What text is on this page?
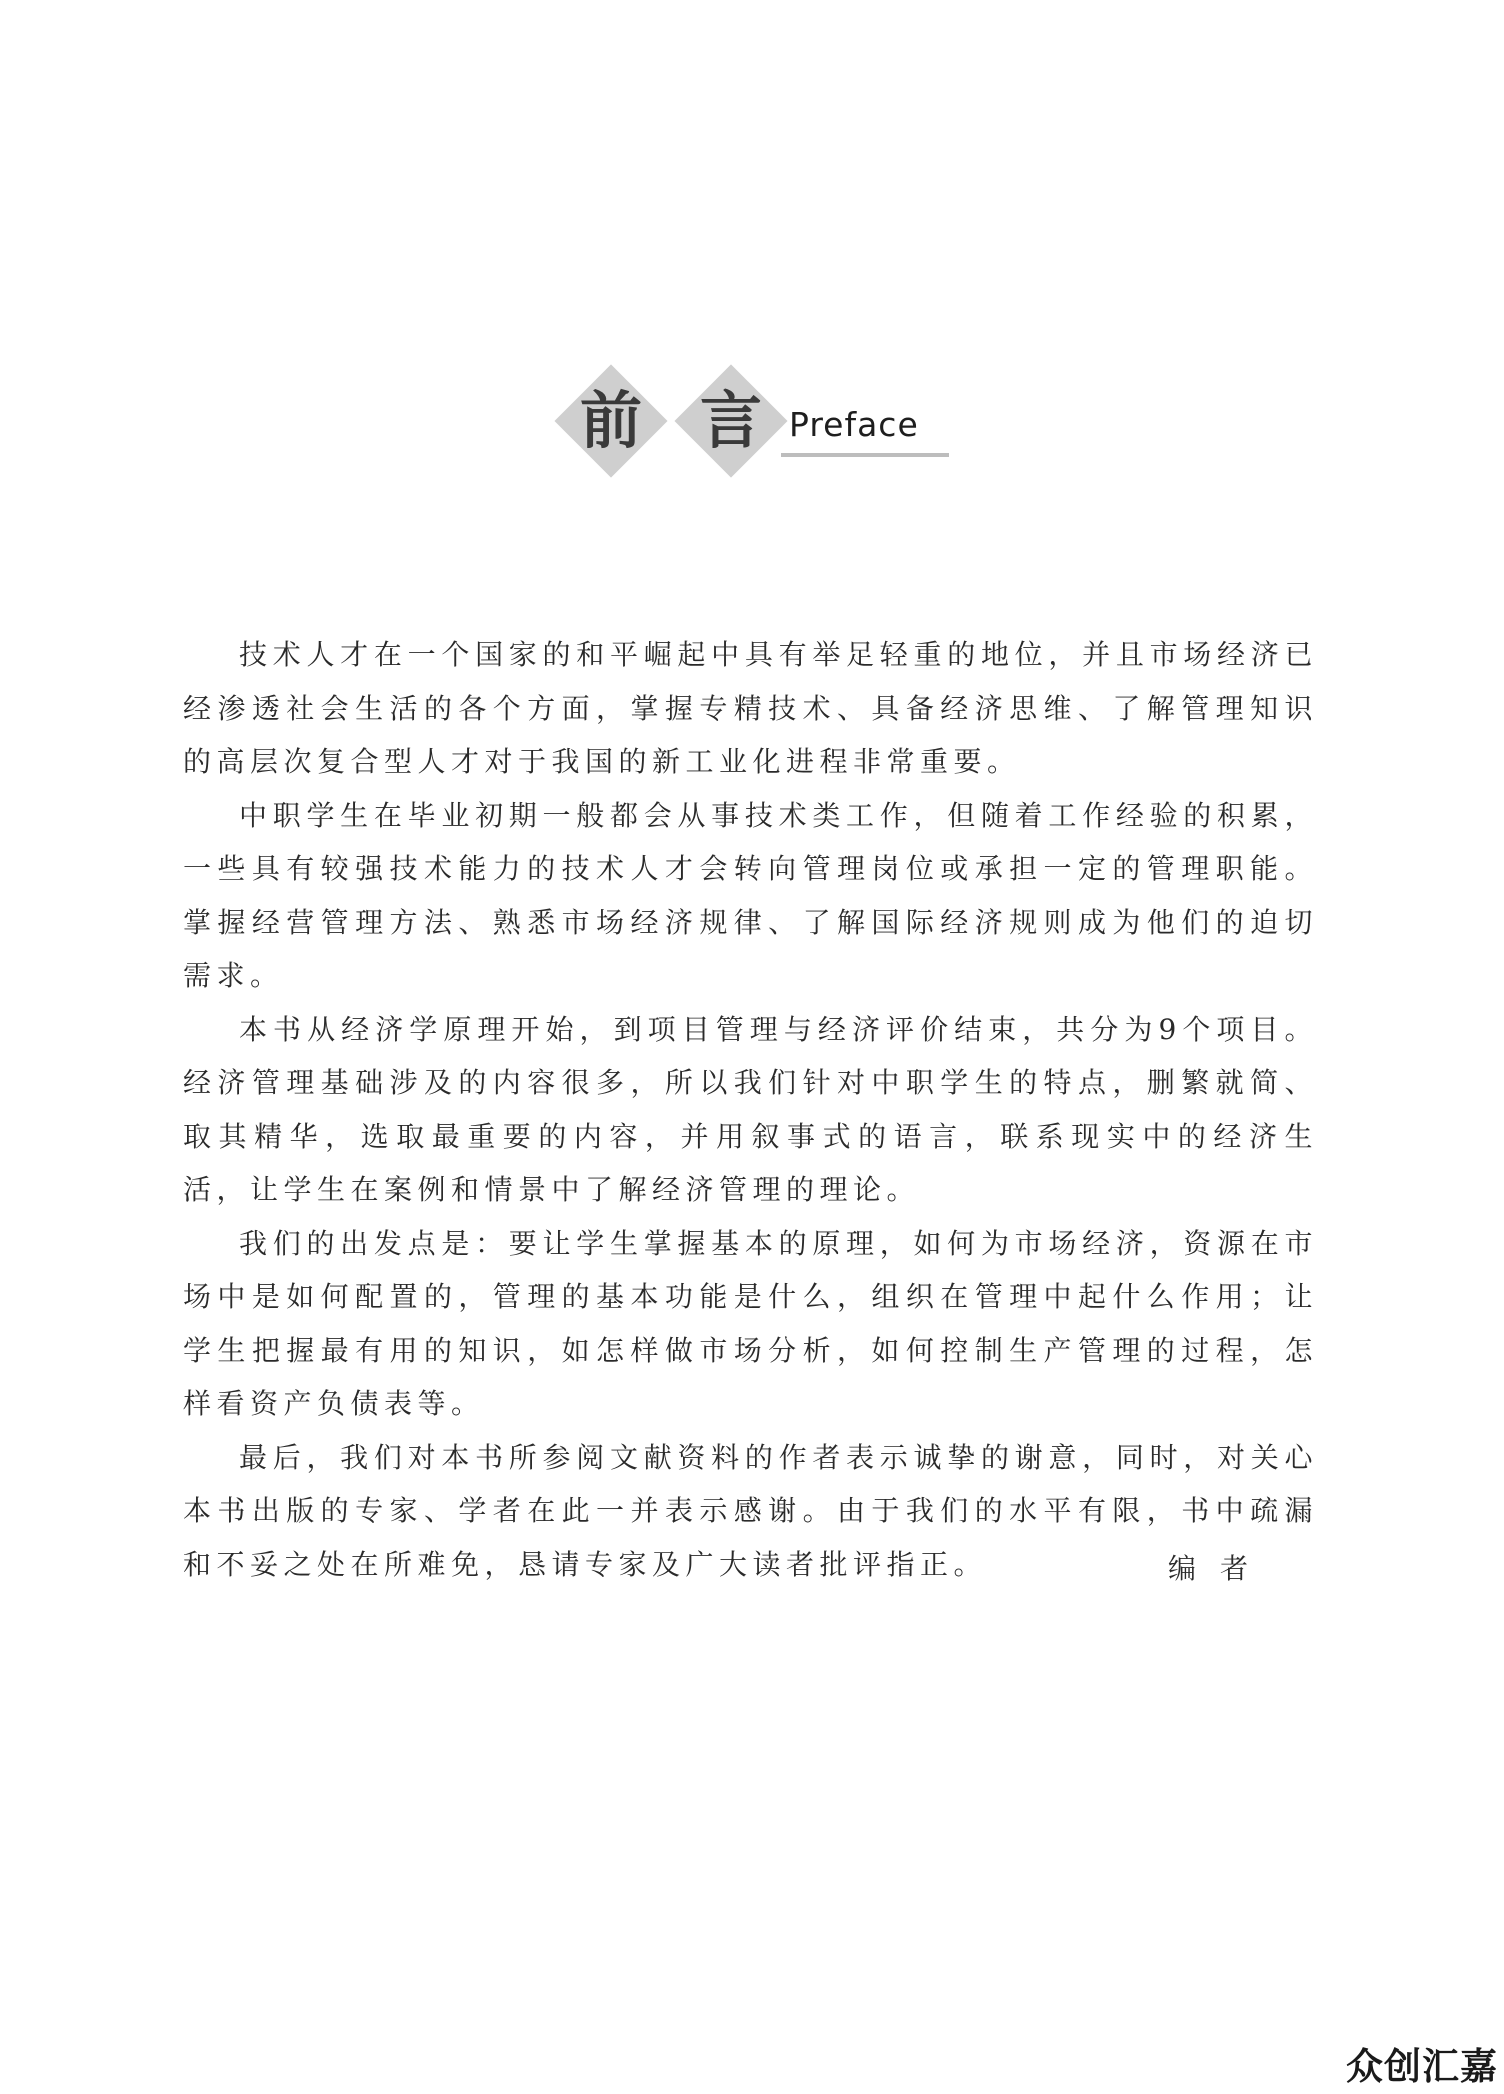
前 言 Preface

技术人才在一个国家的和平崛起中具有举足轻重的地位，并且市场经济已经渗透社会生活的各个方面，掌握专精技术、具备经济思维、了解管理知识的高层次复合型人才对于我国的新工业化进程非常重要。

中职学生在毕业初期一般都会从事技术类工作，但随着工作经验的积累，一些具有较强技术能力的技术人才会转向管理岗位或承担一定的管理职能。掌握经营管理方法、熟悉市场经济规律、了解国际经济规则成为他们的迫切需求。

本书从经济学原理开始，到项目管理与经济评价结束，共分为9个项目。经济管理基础涉及的内容很多，所以我们针对中职学生的特点，删繁就简、取其精华，选取最重要的内容，并用叙事式的语言，联系现实中的经济生活，让学生在案例和情景中了解经济管理的理论。

我们的出发点是：要让学生掌握基本的原理，如何为市场经济，资源在市场中是如何配置的，管理的基本功能是什么，组织在管理中起什么作用；让学生把握最有用的知识，如怎样做市场分析，如何控制生产管理的过程，怎样看资产负债表等。

最后，我们对本书所参阅文献资料的作者表示诚挚的谢意，同时，对关心本书出版的专家、学者在此一并表示感谢。由于我们的水平有限，书中疏漏和不妥之处在所难免，恳请专家及广大读者批评指正。	编者
众创汇嘉
